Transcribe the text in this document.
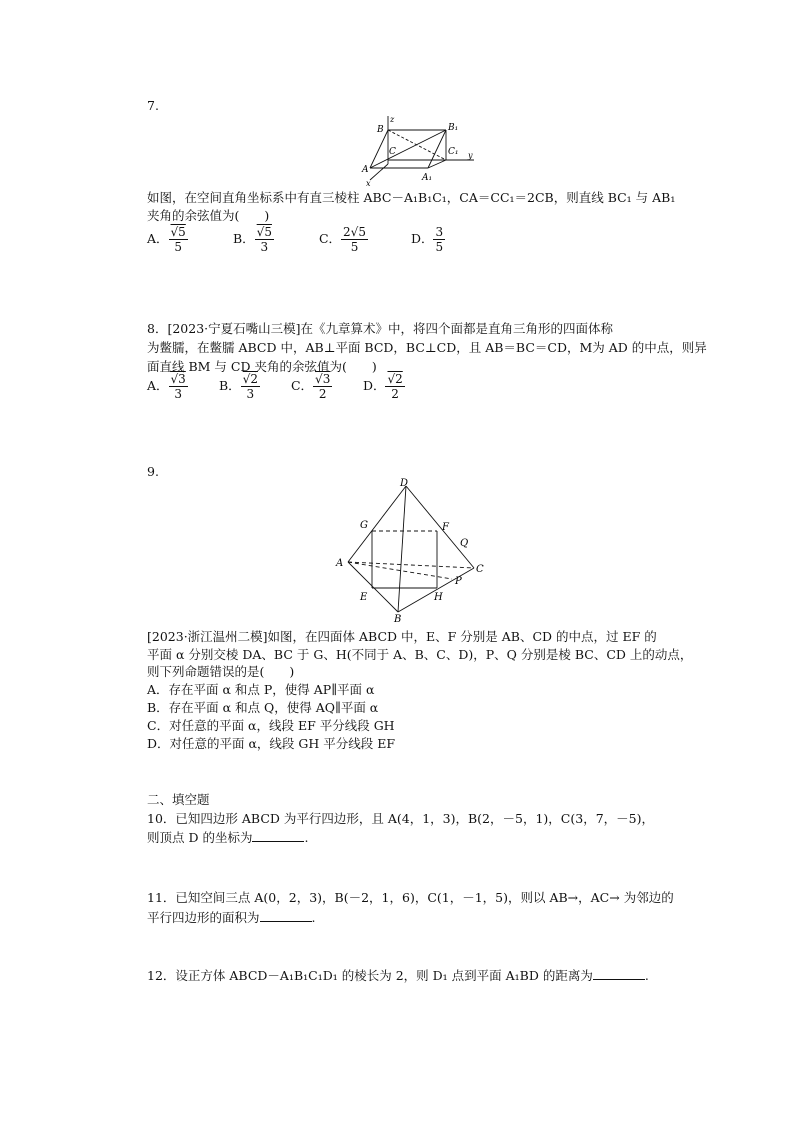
7.
B
z
B₁
C	C₁ y
A
A₁
x
如图，在空间直角坐标系中有直三棱柱 ABC－A₁B₁C₁，CA＝CC₁＝2CB，则直线 BC₁ 与 AB₁
夹角的余弦值为(　　)
A． $\frac{√5}{5}$	B． $\frac{√5}{3}$	C． $\frac{2√5}{5}$	D． $\frac{3}{5}$
8．[2023·宁夏石嘴山三模]在《九章算术》中，将四个面都是直角三角形的四面体称
为鳖臑，在鳖臑 ABCD 中，AB⊥平面 BCD，BC⊥CD，且 AB＝BC＝CD，M为 AD 的中点，则异
面直线 BM 与 CD 夹角的余弦值为(　　)
A． $\frac{√3}{3}$ B． $\frac{√2}{3}$ C． $\frac{√3}{2}$ D． $\frac{√2}{2}$
9.
D
G	F
Q
A
C
P
E	H
B
[2023·浙江温州二模]如图，在四面体 ABCD 中，E、F 分别是 AB、CD 的中点，过 EF 的
平面 α 分别交棱 DA、BC 于 G、H(不同于 A、B、C、D)，P、Q 分别是棱 BC、CD 上的动点，
则下列命题错误的是(　　)
A．存在平面 α 和点 P，使得 AP∥平面 α
B．存在平面 α 和点 Q，使得 AQ∥平面 α
C．对任意的平面 α，线段 EF 平分线段 GH
D．对任意的平面 α，线段 GH 平分线段 EF
二、填空题
10．已知四边形 ABCD 为平行四边形，且 A(4，1，3)，B(2，－5，1)，C(3，7，－5)，
则顶点 D 的坐标为	.
11．已知空间三点 A(0，2，3)，B(－2，1，6)，C(1，－1，5)，则以 AB→，AC→ 为邻边的
平行四边形的面积为	.
12．设正方体 ABCD－A₁B₁C₁D₁ 的棱长为 2，则 D₁ 点到平面 A₁BD 的距离为	.
